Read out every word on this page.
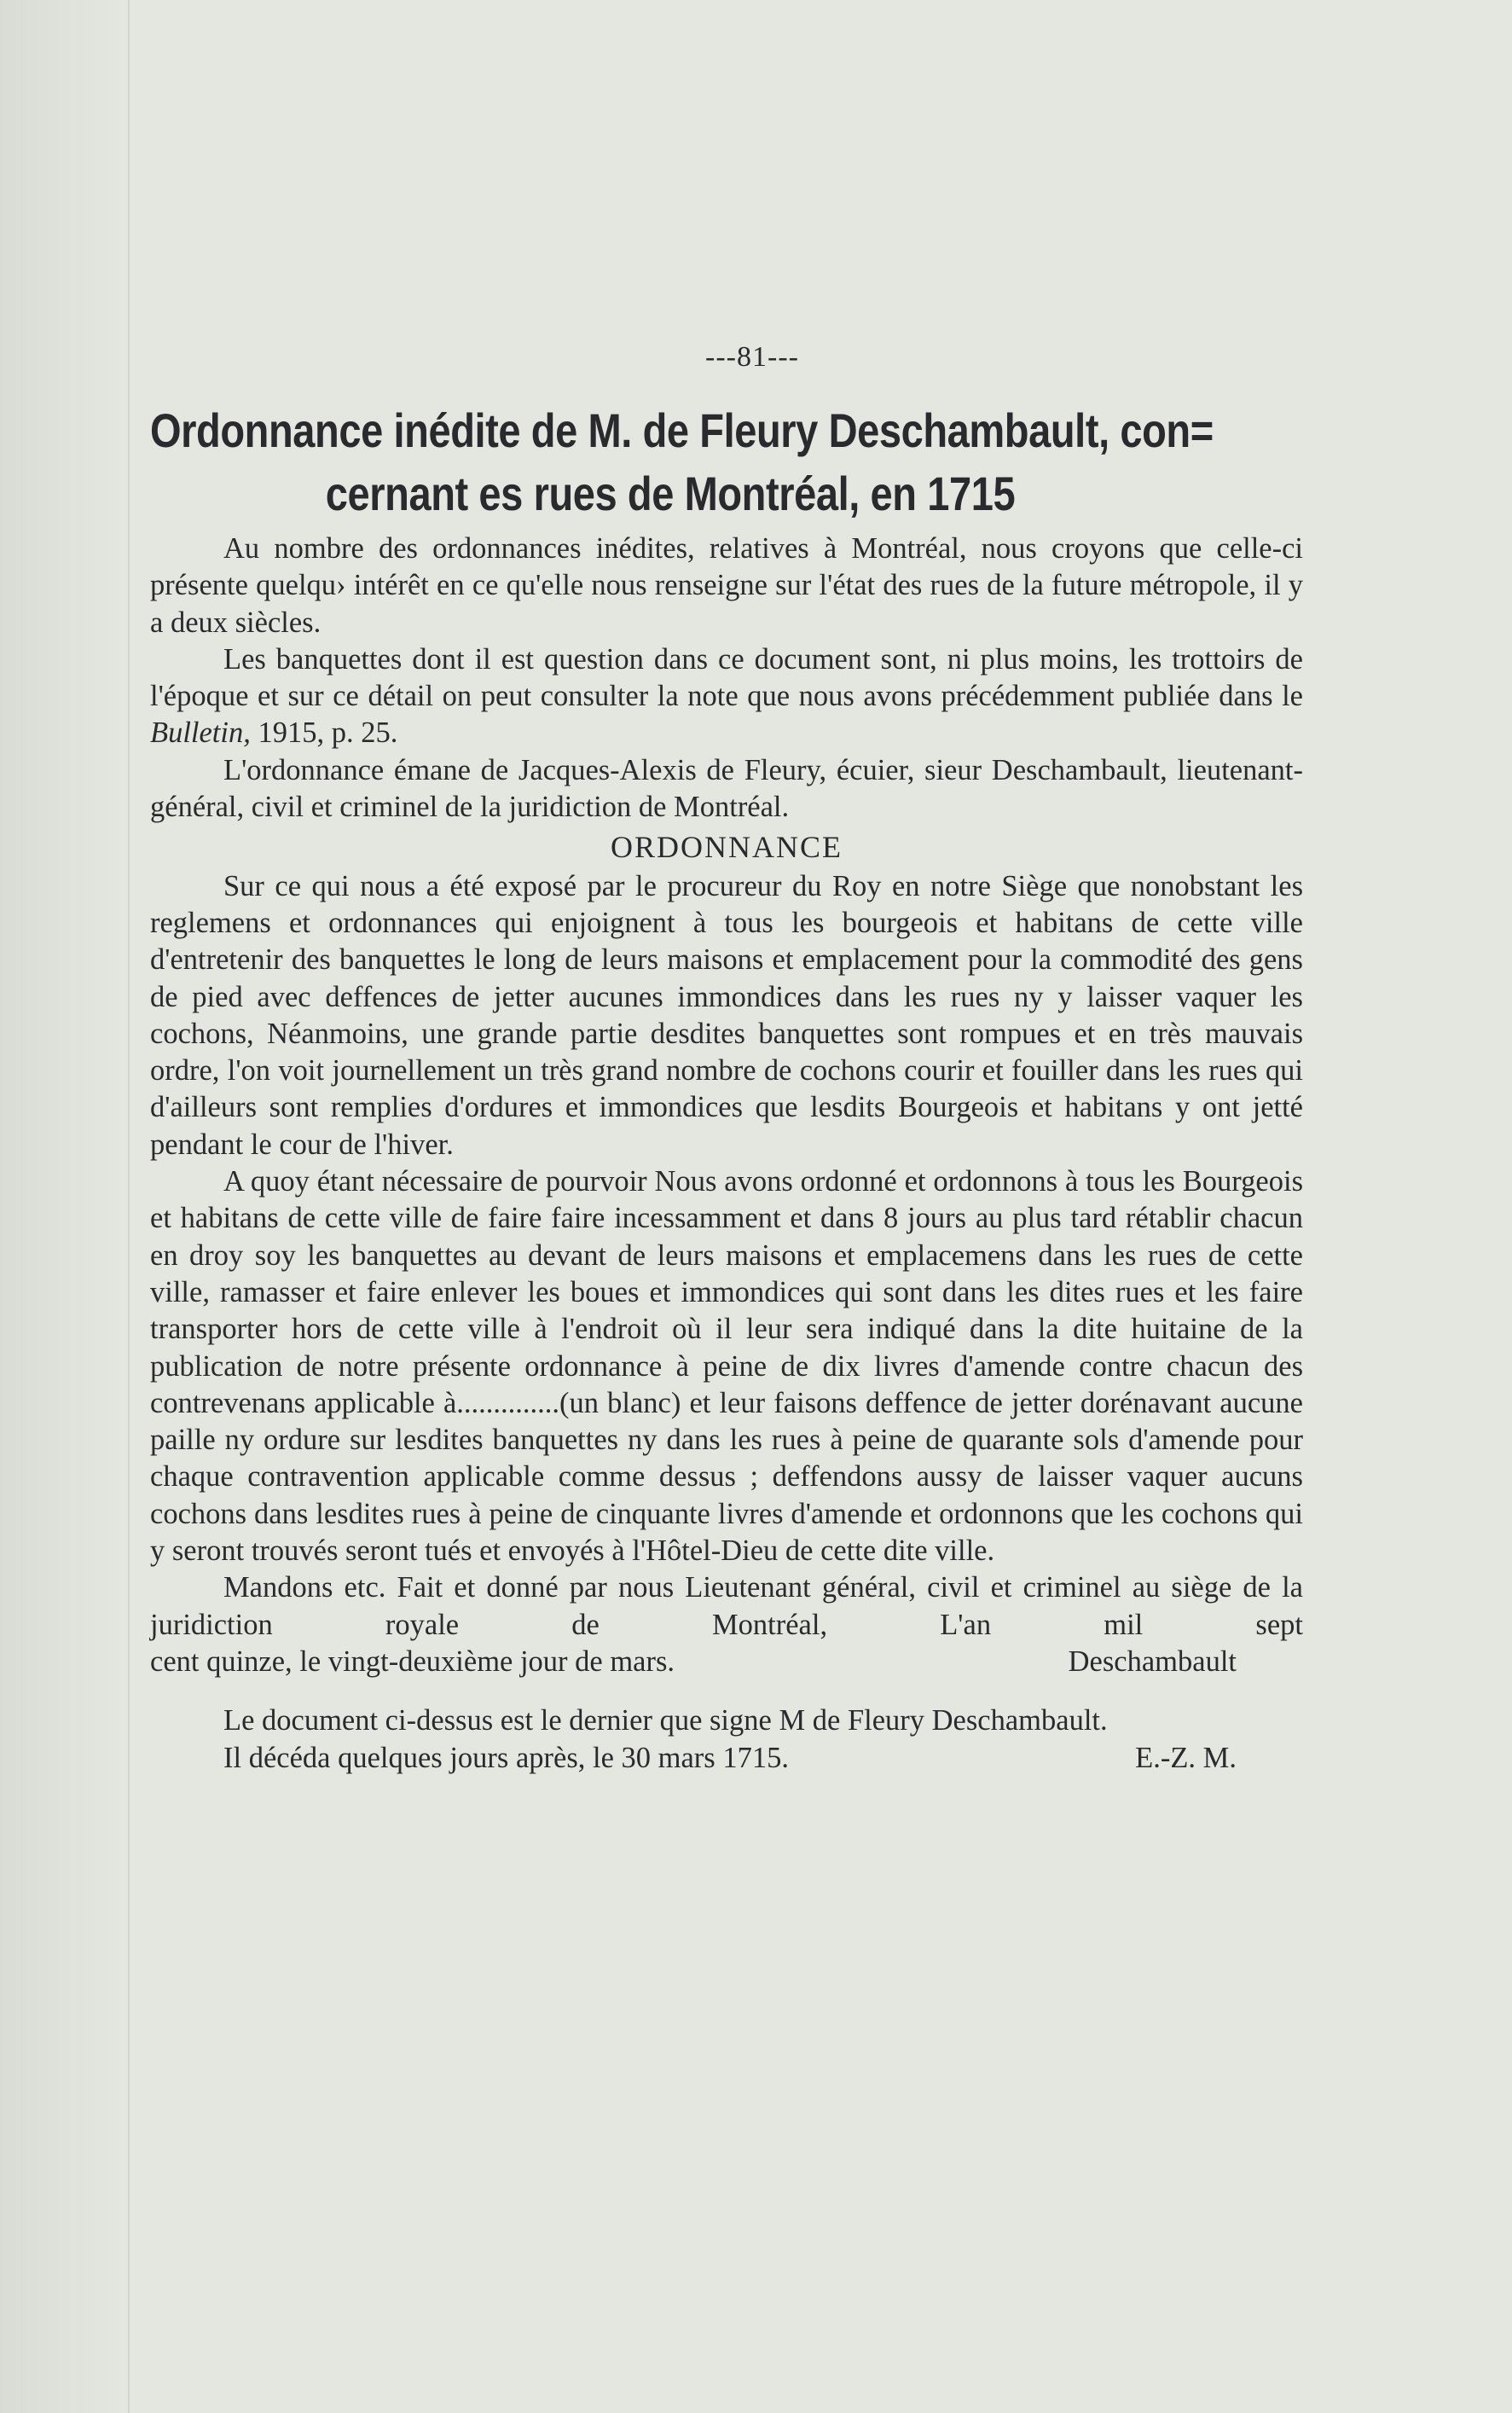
---81---
Ordonnance inédite de M. de Fleury Deschambault, con=
cernant es rues de Montréal, en 1715

Au nombre des ordonnances inédites, relatives à Montréal, nous croyons que celle-ci présente quelqu› intérêt en ce qu'elle nous renseigne sur l'état des rues de la future métropole, il y a deux siècles.

Les banquettes dont il est question dans ce document sont, ni plus moins, les trottoirs de l'époque et sur ce détail on peut consulter la note que nous avons précédemment publiée dans le Bulletin, 1915, p. 25.

L'ordonnance émane de Jacques-Alexis de Fleury, écuier, sieur Deschambault, lieutenant-général, civil et criminel de la juridiction de Montréal.

ORDONNANCE

Sur ce qui nous a été exposé par le procureur du Roy en notre Siège que nonobstant les reglemens et ordonnances qui enjoignent à tous les bourgeois et habitans de cette ville d'entretenir des banquettes le long de leurs maisons et emplacement pour la commodité des gens de pied avec deffences de jetter aucunes immondices dans les rues ny y laisser vaquer les cochons, Néanmoins, une grande partie desdites banquettes sont rompues et en très mauvais ordre, l'on voit journellement un très grand nombre de cochons courir et fouiller dans les rues qui d'ailleurs sont remplies d'ordures et immondices que lesdits Bourgeois et habitans y ont jetté pendant le cour de l'hiver.

A quoy étant nécessaire de pourvoir Nous avons ordonné et ordonnons à tous les Bourgeois et habitans de cette ville de faire faire incessamment et dans 8 jours au plus tard rétablir chacun en droy soy les banquettes au devant de leurs maisons et emplacemens dans les rues de cette ville, ramasser et faire enlever les boues et immondices qui sont dans les dites rues et les faire transporter hors de cette ville à l'endroit où il leur sera indiqué dans la dite huitaine de la publication de notre présente ordonnance à peine de dix livres d'amende contre chacun des contrevenans applicable à..............(un blanc) et leur faisons deffence de jetter dorénavant aucune paille ny ordure sur lesdites banquettes ny dans les rues à peine de quarante sols d'amende pour chaque contravention applicable comme dessus ; deffendons aussy de laisser vaquer aucuns cochons dans lesdites rues à peine de cinquante livres d'amende et ordonnons que les cochons qui y seront trouvés seront tués et envoyés à l'Hôtel-Dieu de cette dite ville.

Mandons etc. Fait et donné par nous Lieutenant général, civil et criminel au siège de la juridiction royale de Montréal, L'an mil sept

cent quinze, le vingt-deuxième jour de mars.	Deschambault

Le document ci-dessus est le dernier que signe M de Fleury Deschambault.

Il décéda quelques jours après, le 30 mars 1715.	E.-Z. M.
